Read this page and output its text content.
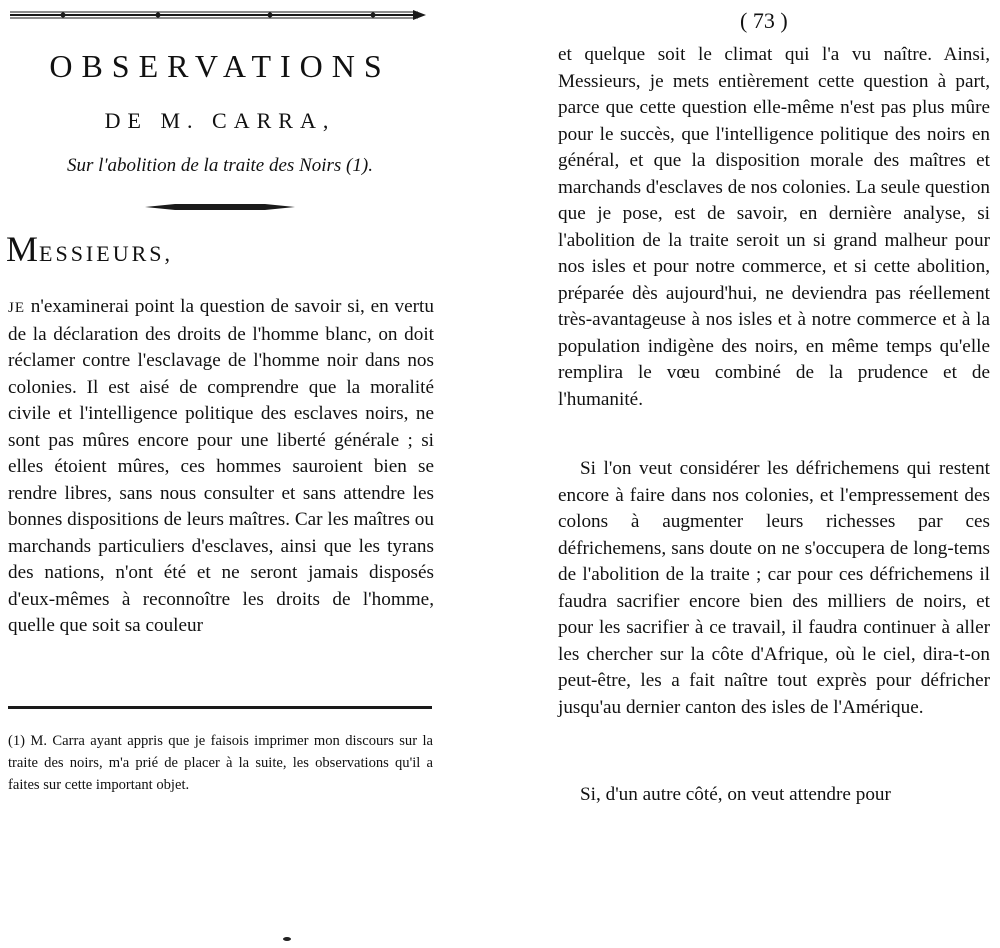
OBSERVATIONS
DE M. CARRA,
Sur l'abolition de la traite des Noirs (1).
MESSIEURS,

JE n'examinerai point la question de savoir si, en vertu de la déclaration des droits de l'homme blanc, on doit réclamer contre l'esclavage de l'homme noir dans nos colonies. Il est aisé de comprendre que la moralité civile et l'intelligence politique des esclaves noirs, ne sont pas mûres encore pour une liberté générale ; si elles étoient mûres, ces hommes sauroient bien se rendre libres, sans nous consulter et sans attendre les bonnes dispositions de leurs maîtres. Car les maîtres ou marchands particuliers d'esclaves, ainsi que les tyrans des nations, n'ont été et ne seront jamais disposés d'eux-mêmes à reconnoître les droits de l'homme, quelle que soit sa couleur

(1) M. Carra ayant appris que je faisois imprimer mon discours sur la traite des noirs, m'a prié de placer à la suite, les observations qu'il a faites sur cette important objet.

( 73 )

et quelque soit le climat qui l'a vu naître. Ainsi, Messieurs, je mets entièrement cette question à part, parce que cette question elle-même n'est pas plus mûre pour le succès, que l'intelligence politique des noirs en général, et que la disposition morale des maîtres et marchands d'esclaves de nos colonies. La seule question que je pose, est de savoir, en dernière analyse, si l'abolition de la traite seroit un si grand malheur pour nos isles et pour notre commerce, et si cette abolition, préparée dès aujourd'hui, ne deviendra pas réellement très-avantageuse à nos isles et à notre commerce et à la population indigène des noirs, en même temps qu'elle remplira le vœu combiné de la prudence et de l'humanité.

Si l'on veut considérer les défrichemens qui restent encore à faire dans nos colonies, et l'empressement des colons à augmenter leurs richesses par ces défrichemens, sans doute on ne s'occupera de long-tems de l'abolition de la traite ; car pour ces défrichemens il faudra sacrifier encore bien des milliers de noirs, et pour les sacrifier à ce travail, il faudra continuer à aller les chercher sur la côte d'Afrique, où le ciel, dira-t-on peut-être, les a fait naître tout exprès pour défricher jusqu'au dernier canton des isles de l'Amérique.

Si, d'un autre côté, on veut attendre pour
